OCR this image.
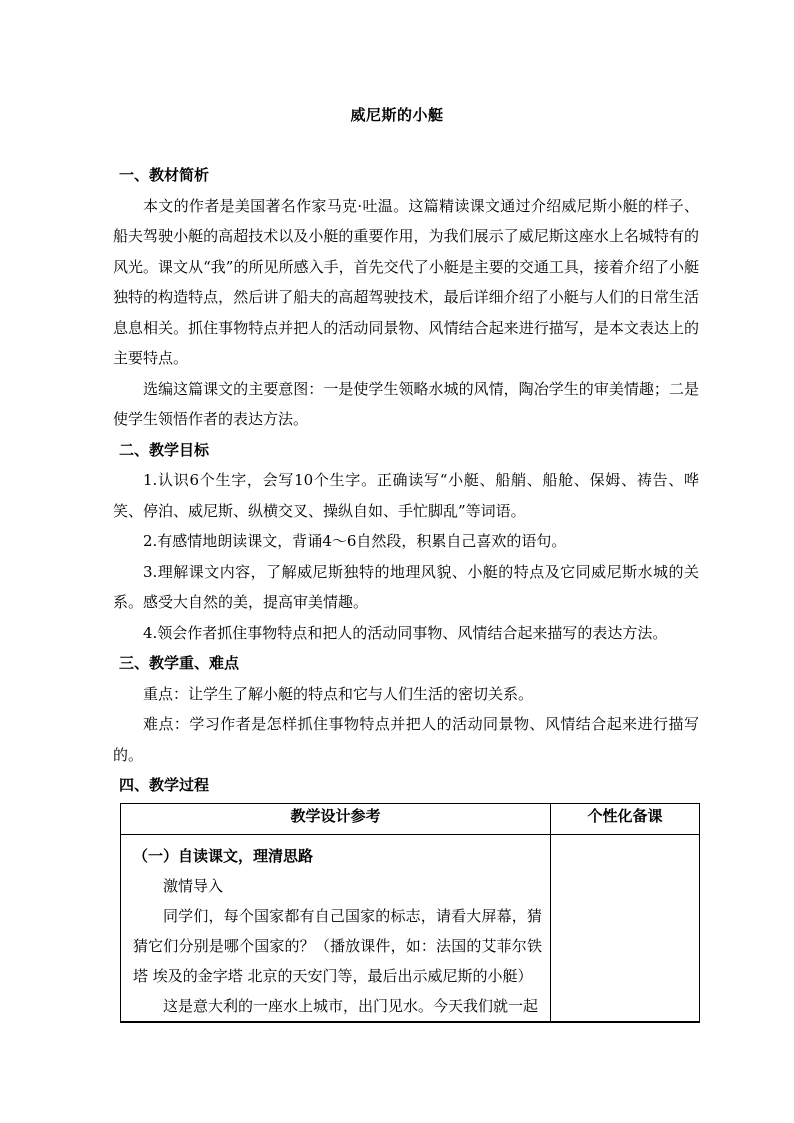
威尼斯的小艇
一、教材简析

本文的作者是美国著名作家马克·吐温。这篇精读课文通过介绍威尼斯小艇的样子、船夫驾驶小艇的高超技术以及小艇的重要作用，为我们展示了威尼斯这座水上名城特有的风光。课文从“我”的所见所感入手，首先交代了小艇是主要的交通工具，接着介绍了小艇独特的构造特点，然后讲了船夫的高超驾驶技术，最后详细介绍了小艇与人们的日常生活息息相关。抓住事物特点并把人的活动同景物、风情结合起来进行描写，是本文表达上的主要特点。

选编这篇课文的主要意图：一是使学生领略水城的风情，陶冶学生的审美情趣；二是使学生领悟作者的表达方法。

二、教学目标

1.认识6个生字，会写10个生字。正确读写“小艇、船艄、船舱、保姆、祷告、哗笑、停泊、威尼斯、纵横交叉、操纵自如、手忙脚乱”等词语。

2.有感情地朗读课文，背诵4～6自然段，积累自己喜欢的语句。

3.理解课文内容，了解威尼斯独特的地理风貌、小艇的特点及它同威尼斯水城的关系。感受大自然的美，提高审美情趣。

4.领会作者抓住事物特点和把人的活动同事物、风情结合起来描写的表达方法。

三、教学重、难点

重点：让学生了解小艇的特点和它与人们生活的密切关系。

难点：学习作者是怎样抓住事物特点并把人的活动同景物、风情结合起来进行描写的。

四、教学过程
教学设计参考	个性化备课

（一）自读课文，理清思路

激情导入

同学们，每个国家都有自己国家的标志，请看大屏幕，猜猜它们分别是哪个国家的？（播放课件，如：法国的艾菲尔铁塔 埃及的金字塔 北京的天安门等，最后出示威尼斯的小艇）

这是意大利的一座水上城市，出门见水。今天我们就一起	
